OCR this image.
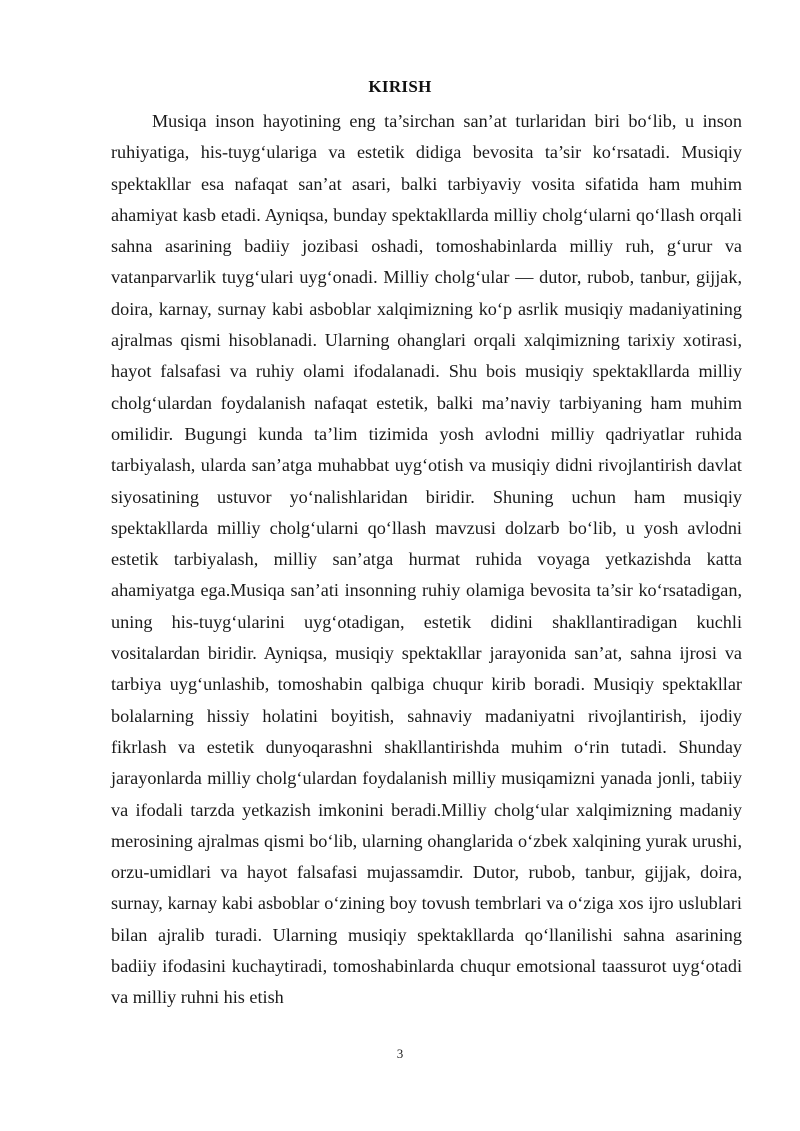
KIRISH

Musiqa inson hayotining eng ta’sirchan san’at turlaridan biri bo‘lib, u inson ruhiyatiga, his-tuyg‘ulariga va estetik didiga bevosita ta’sir ko‘rsatadi. Musiqiy spektakllar esa nafaqat san’at asari, balki tarbiyaviy vosita sifatida ham muhim ahamiyat kasb etadi. Ayniqsa, bunday spektakllarda milliy cholg‘ularni qo‘llash orqali sahna asarining badiiy jozibasi oshadi, tomoshabinlarda milliy ruh, g‘urur va vatanparvarlik tuyg‘ulari uyg‘onadi. Milliy cholg‘ular — dutor, rubob, tanbur, gijjak, doira, karnay, surnay kabi asboblar xalqimizning ko‘p asrlik musiqiy madaniyatining ajralmas qismi hisoblanadi. Ularning ohanglari orqali xalqimizning tarixiy xotirasi, hayot falsafasi va ruhiy olami ifodalanadi. Shu bois musiqiy spektakllarda milliy cholg‘ulardan foydalanish nafaqat estetik, balki ma’naviy tarbiyaning ham muhim omilidir. Bugungi kunda ta’lim tizimida yosh avlodni milliy qadriyatlar ruhida tarbiyalash, ularda san’atga muhabbat uyg‘otish va musiqiy didni rivojlantirish davlat siyosatining ustuvor yo‘nalishlaridan biridir. Shuning uchun ham musiqiy spektakllarda milliy cholg‘ularni qo‘llash mavzusi dolzarb bo‘lib, u yosh avlodni estetik tarbiyalash, milliy san’atga hurmat ruhida voyaga yetkazishda katta ahamiyatga ega.Musiqa san’ati insonning ruhiy olamiga bevosita ta’sir ko‘rsatadigan, uning his-tuyg‘ularini uyg‘otadigan, estetik didini shakllantiradigan kuchli vositalardan biridir. Ayniqsa, musiqiy spektakllar jarayonida san’at, sahna ijrosi va tarbiya uyg‘unlashib, tomoshabin qalbiga chuqur kirib boradi. Musiqiy spektakllar bolalarning hissiy holatini boyitish, sahnaviy madaniyatni rivojlantirish, ijodiy fikrlash va estetik dunyoqarashni shakllantirishda muhim o‘rin tutadi. Shunday jarayonlarda milliy cholg‘ulardan foydalanish milliy musiqamizni yanada jonli, tabiiy va ifodali tarzda yetkazish imkonini beradi.Milliy cholg‘ular xalqimizning madaniy merosining ajralmas qismi bo‘lib, ularning ohanglarida o‘zbek xalqining yurak urushi, orzu-umidlari va hayot falsafasi mujassamdir. Dutor, rubob, tanbur, gijjak, doira, surnay, karnay kabi asboblar o‘zining boy tovush tembrlari va o‘ziga xos ijro uslublari bilan ajralib turadi. Ularning musiqiy spektakllarda qo‘llanilishi sahna asarining badiiy ifodasini kuchaytiradi, tomoshabinlarda chuqur emotsional taassurot uyg‘otadi va milliy ruhni his etish

3
